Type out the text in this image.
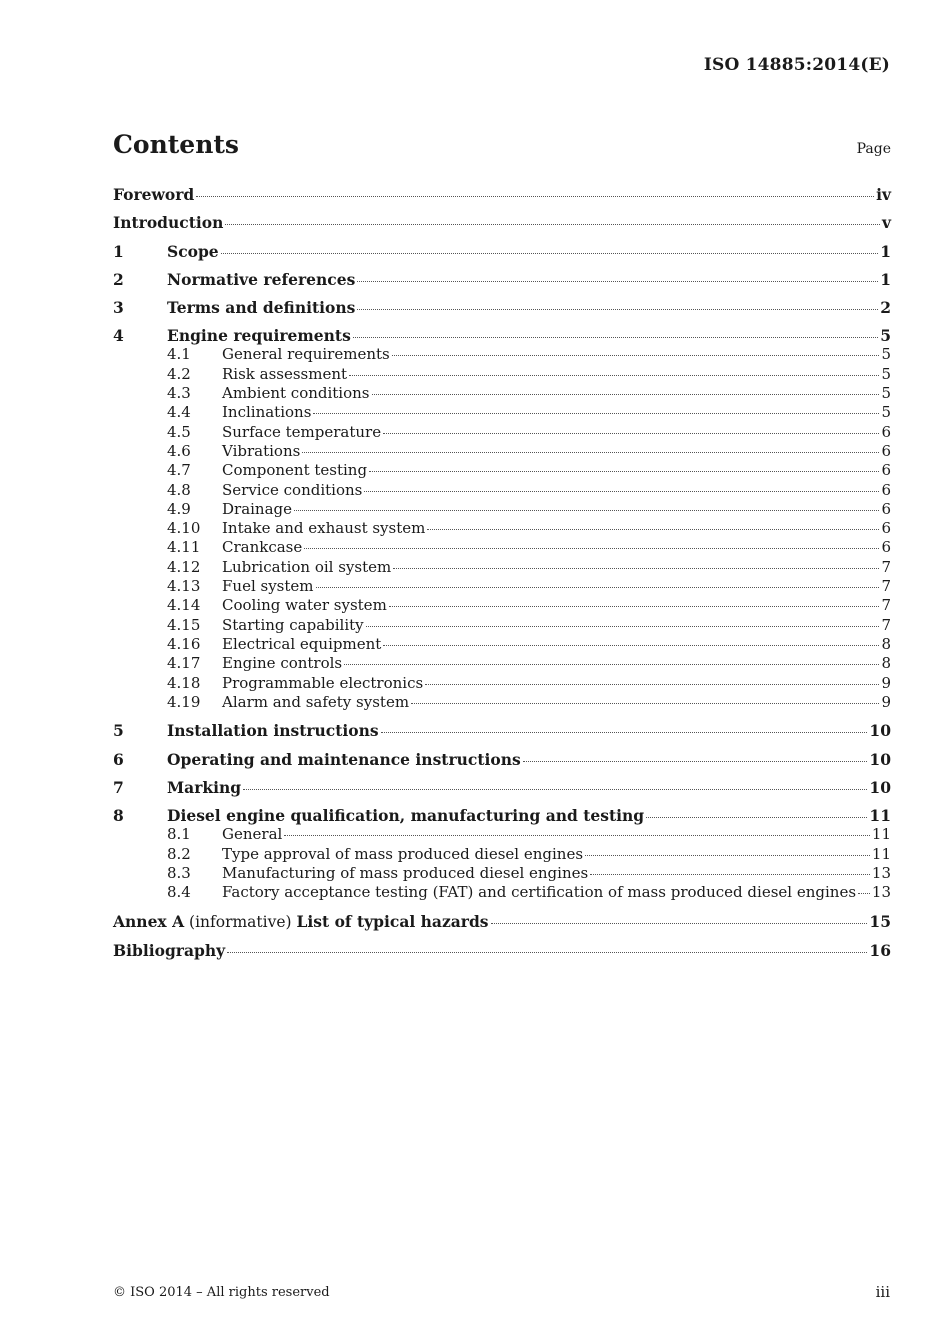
ISO 14885:2014(E)
Contents	Page
Foreword	iv
Introduction	v
1	Scope	1
2	Normative references	1
3	Terms and definitions	2
4	Engine requirements	5
4.1	General requirements	5
4.2	Risk assessment	5
4.3	Ambient conditions	5
4.4	Inclinations	5
4.5	Surface temperature	6
4.6	Vibrations	6
4.7	Component testing	6
4.8	Service conditions	6
4.9	Drainage	6
4.10	Intake and exhaust system	6
4.11	Crankcase	6
4.12	Lubrication oil system	7
4.13	Fuel system	7
4.14	Cooling water system	7
4.15	Starting capability	7
4.16	Electrical equipment	8
4.17	Engine controls	8
4.18	Programmable electronics	9
4.19	Alarm and safety system	9
5	Installation instructions	10
6	Operating and maintenance instructions	10
7	Marking	10
8	Diesel engine qualification, manufacturing and testing	11
8.1	General	11
8.2	Type approval of mass produced diesel engines	11
8.3	Manufacturing of mass produced diesel engines	13
8.4	Factory acceptance testing (FAT) and certification of mass produced diesel engines 13
Annex A (informative) List of typical hazards	15
Bibliography	16
© ISO 2014 – All rights reserved	iii
